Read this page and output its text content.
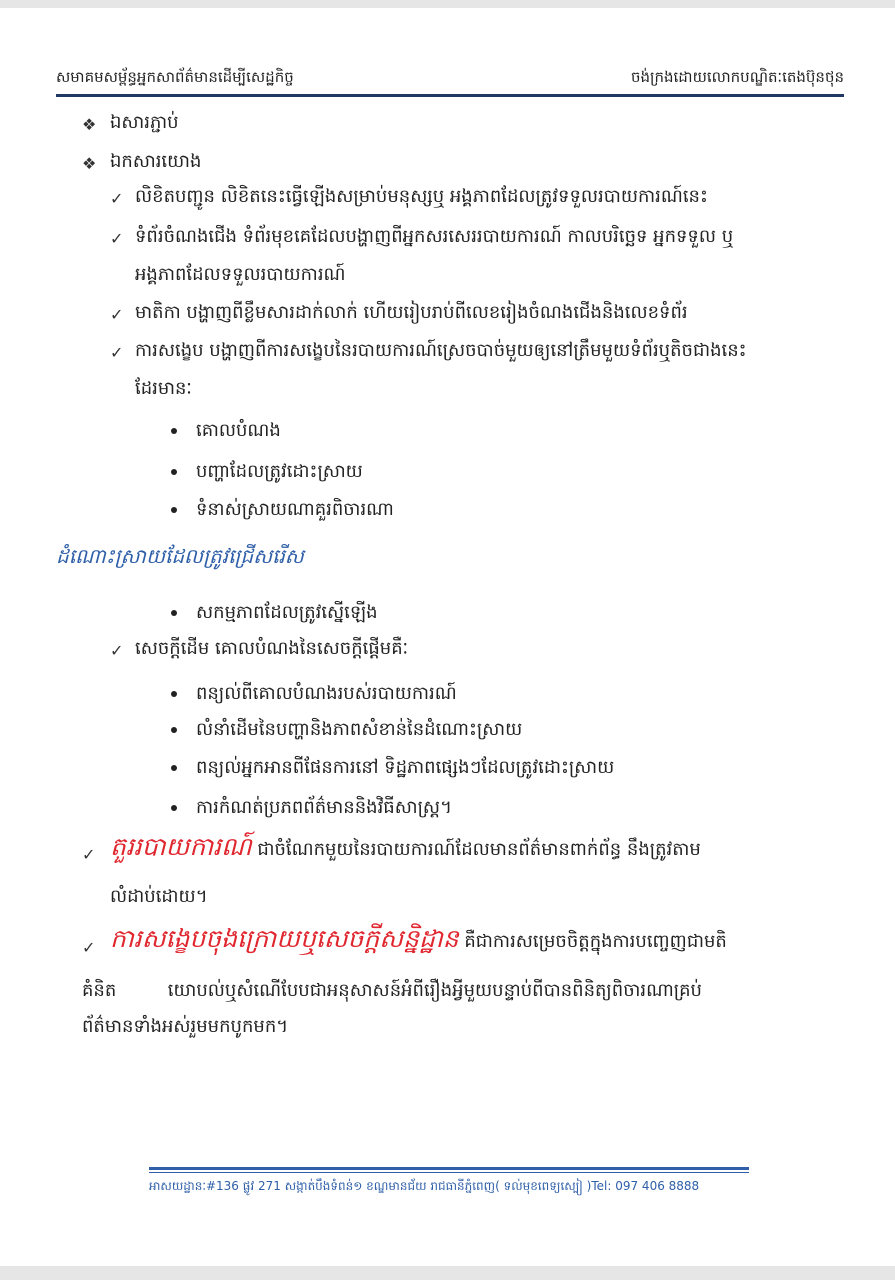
សមាគមសម្ព័ន្ធអ្នកសាព័ត៌មានដើម្បីសេដ្ឋកិច្ច	ចង់ក្រងដោយលោកបណ្ឌិតៈតេងប៊ុនថុន
❖ ឯសារភ្ជាប់
❖ ឯកសារយោង
✓ លិខិតបញ្ជូន លិខិតនេះធ្វើឡើងសម្រាប់មនុស្សឬ អង្គភាពដែលត្រូវទទួលរបាយការណ៍នេះ
✓ ទំព័រចំណងជើង ទំព័រមុខគេដែលបង្ហាញពីអ្នកសរសេររបាយការណ៍ កាលបរិច្ឆេទ អ្នកទទួល ឬ
អង្គភាពដែលទទួលរបាយការណ៍
✓ មាតិកា បង្ហាញពីខ្លឹមសារដាក់លាក់ ហើយរៀបរាប់ពីលេខរៀងចំណងជើងនិងលេខទំព័រ
✓ ការសង្ខេប បង្ហាញពីការសង្ខេបនៃរបាយការណ៍ស្រេចបាច់មួយឲ្យនៅត្រឹមមួយទំព័រឬតិចជាងនេះ
ដែរមានៈ
គោលបំណង
បញ្ហាដែលត្រូវដោះស្រាយ
ទំនាស់ស្រាយណាគួរពិចារណា
ដំណោះស្រាយដែលត្រូវជ្រើសរើស
សកម្មភាពដែលត្រូវស្នើឡើង
✓ សេចក្ដីដើម គោលបំណងនៃសេចក្ដីផ្ដើមគឺៈ
ពន្យល់ពីគោលបំណងរបស់របាយការណ៍
លំនាំដើមនៃបញ្ហានិងភាពសំខាន់នៃដំណោះស្រាយ
ពន្យល់អ្នកអានពីផែនការនៅ ទិដ្ឋភាពផ្សេងៗដែលត្រូវដោះស្រាយ
ការកំណត់ប្រភពព័ត៌មាននិងវិធីសាស្ត្រ។
✓ តួររបាយការណ៍ ជាចំណែកមួយនៃរបាយការណ៍ដែលមានព័ត៌មានពាក់ព័ន្ធ នឹងត្រូវតាម
លំដាប់ដោយ។
✓ ការសង្ខេបចុងក្រោយឬសេចក្ដីសន្និដ្ឋាន គឺជាការសម្រេចចិត្តក្នុងការបញ្ចេញជាមតិ
គំនិត         យោបល់ឬសំណើបែបជាអនុសាសន៍អំពីរឿងអ្វីមួយបន្ទាប់ពីបានពិនិត្យពិចារណាគ្រប់
ព័ត៌មានទាំងអស់រួមមកបូកមក។
អាសយដ្ឋានៈ#136 ផ្លូវ 271 សង្កាត់បឹងទំពន់១ ខណ្ឌមានជ័យ រាជធានីភ្នំពេញ( ទល់មុខពេទ្យស្បៀ )Tel: 097 406 8888
